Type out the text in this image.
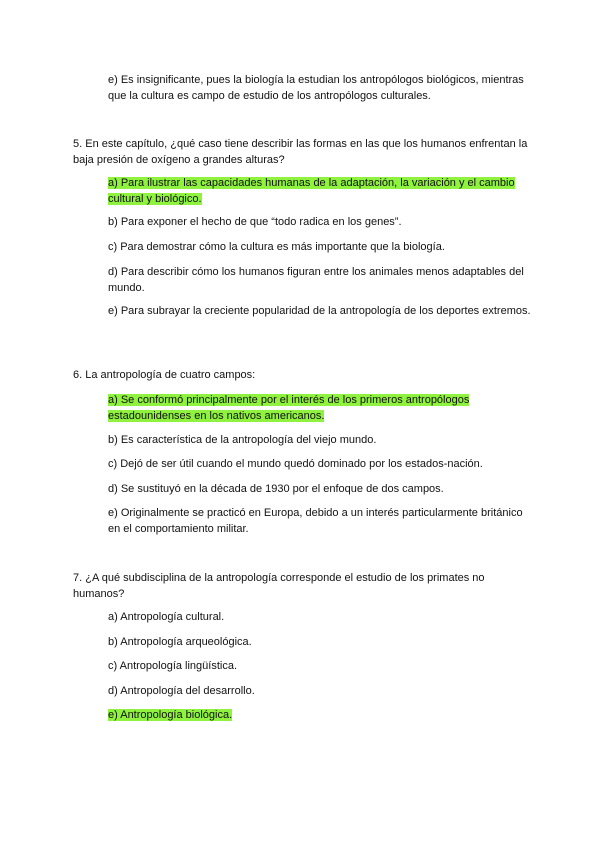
e) Es insignificante, pues la biología la estudian los antropólogos biológicos, mientras que la cultura es campo de estudio de los antropólogos culturales.
5. En este capítulo, ¿qué caso tiene describir las formas en las que los humanos enfrentan la baja presión de oxígeno a grandes alturas?
a) Para ilustrar las capacidades humanas de la adaptación, la variación y el cambio cultural y biológico.
b) Para exponer el hecho de que “todo radica en los genes”.
c) Para demostrar cómo la cultura es más importante que la biología.
d) Para describir cómo los humanos figuran entre los animales menos adaptables del mundo.
e) Para subrayar la creciente popularidad de la antropología de los deportes extremos.
6. La antropología de cuatro campos:
a) Se conformó principalmente por el interés de los primeros antropólogos estadounidenses en los nativos americanos.
b) Es característica de la antropología del viejo mundo.
c) Dejó de ser útil cuando el mundo quedó dominado por los estados-nación.
d) Se sustituyó en la década de 1930 por el enfoque de dos campos.
e) Originalmente se practicó en Europa, debido a un interés particularmente británico en el comportamiento militar.
7. ¿A qué subdisciplina de la antropología corresponde el estudio de los primates no humanos?
a) Antropología cultural.
b) Antropología arqueológica.
c) Antropología lingüística.
d) Antropología del desarrollo.
e) Antropología biológica.
